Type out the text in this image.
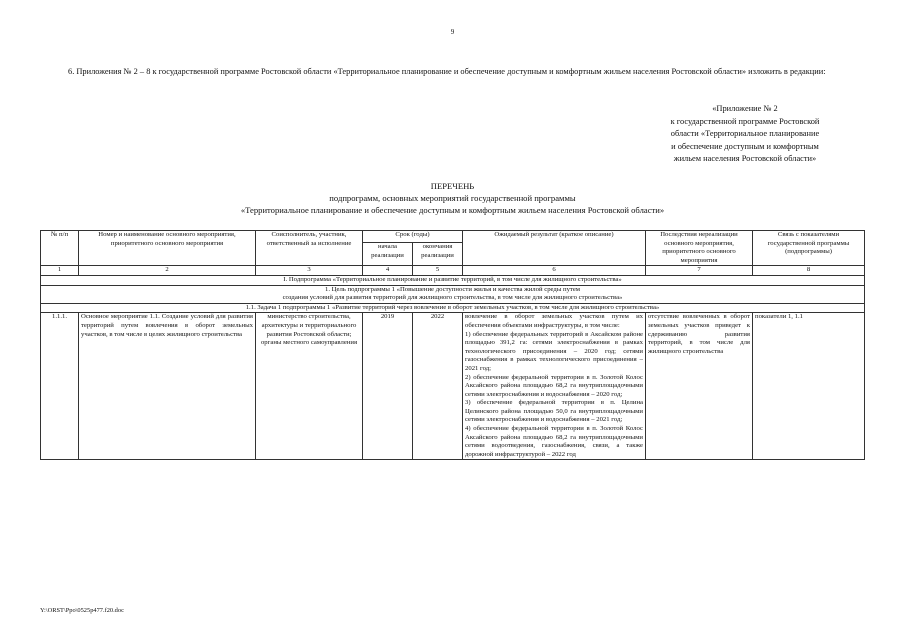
9
6. Приложения № 2 – 8 к государственной программе Ростовской области «Территориальное планирование и обеспечение доступным и комфортным жильем населения Ростовской области» изложить в редакции:
«Приложение № 2
к государственной программе Ростовской
области «Территориальное планирование
и обеспечение доступным и комфортным
жильем населения Ростовской области»
ПЕРЕЧЕНЬ
подпрограмм, основных мероприятий государственной программы
«Территориальное планирование и обеспечение доступным и комфортным жильем населения Ростовской области»
№ п/п	Номер и наименование основного мероприятия, приоритетного основного мероприятия	Соисполнитель, участник, ответственный за исполнение	Срок (годы)		Ожидаемый результат (краткое описание)	Последствия нереализации основного мероприятия, приоритетного основного мероприятия	Связь с показателями государственной программы (подпрограммы)
			начала реализации	окончания реализации			
1	2	3	4	5	6	7	8
I. Подпрограмма «Территориальное планирование и развитие территорий, в том числе для жилищного строительства»							

1. Цель подпрограммы 1 «Повышение доступности жилья и качества жилой среды путем
создания условий для развития территорий для жилищного строительства, в том числе для жилищного строительства»							

1.1. Задача 1 подпрограммы 1 «Развитие территорий через вовлечение в оборот земельных участков, в том числе для жилищного строительства»							
1.1.1.	Основное мероприятие 1.1. Создание условий для развития территорий путем вовлечения в оборот земельных участков, в том числе в целях жилищного строительства	министерство строительства, архитектуры и территориального развития Ростовской области; органы местного самоуправления	2019	2022	вовлечение в оборот земельных участков путем их обеспечения объектами инфраструктуры, в том числе:
1) обеспечение федеральных территорий в Аксайском районе площадью 391,2 га: сетями электроснабжения в рамках технологического присоединения – 2020 год; сетями газоснабжения в рамках технологического присоединения – 2021 год;
2) обеспечение федеральной территории в п. Золотой Колос Аксайского района площадью 68,2 га внутриплощадочными сетями электроснабжения и водоснабжения – 2020 год;
3) обеспечение федеральной территории в п. Целина Целинского района площадью 50,0 га внутриплощадочными сетями электроснабжения и водоснабжения – 2021 год;
4) обеспечение федеральной территории в п. Золотой Колос Аксайского района площадью 68,2 га внутриплощадочными сетями водоотведения, газоснабжения, связи, а также дорожной инфраструктурой – 2022 год	отсутствие вовлеченных в оборот земельных участков приведет к сдерживанию развития территорий, в том числе для жилищного строительства	показатели 1, 1.1
Y:\ORST\Ppo\0525p477.f20.doc
